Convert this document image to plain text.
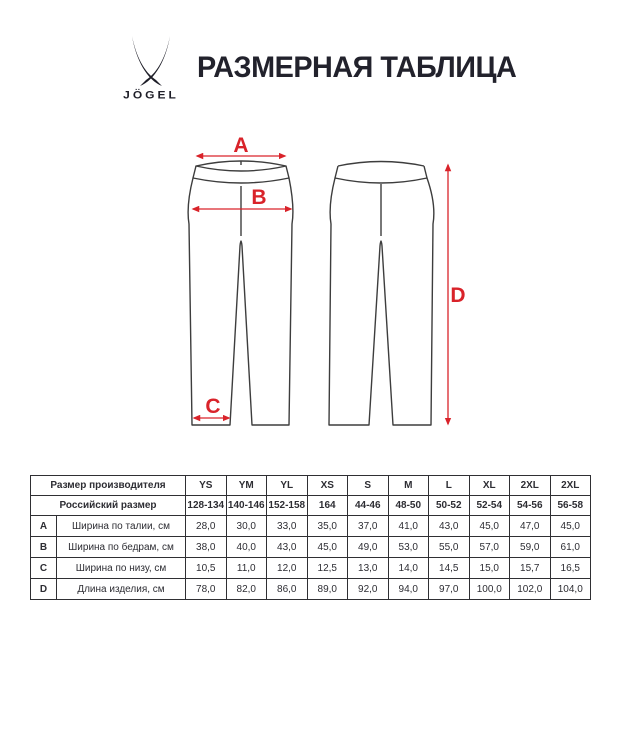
JÖGEL
РАЗМЕРНАЯ ТАБЛИЦА
A
B
C
D
Размер производителя		YS	YM	YL	XS	S	M	L	XL	2XL	2XL
Российский размер		128-134	140-146	152-158	164	44-46	48-50	50-52	52-54	54-56	56-58
A	Ширина по талии, см	28,0	30,0	33,0	35,0	37,0	41,0	43,0	45,0	47,0	45,0
B	Ширина по бедрам, см	38,0	40,0	43,0	45,0	49,0	53,0	55,0	57,0	59,0	61,0
C	Ширина по низу, см	10,5	11,0	12,0	12,5	13,0	14,0	14,5	15,0	15,7	16,5
D	Длина изделия, см	78,0	82,0	86,0	89,0	92,0	94,0	97,0	100,0	102,0	104,0
